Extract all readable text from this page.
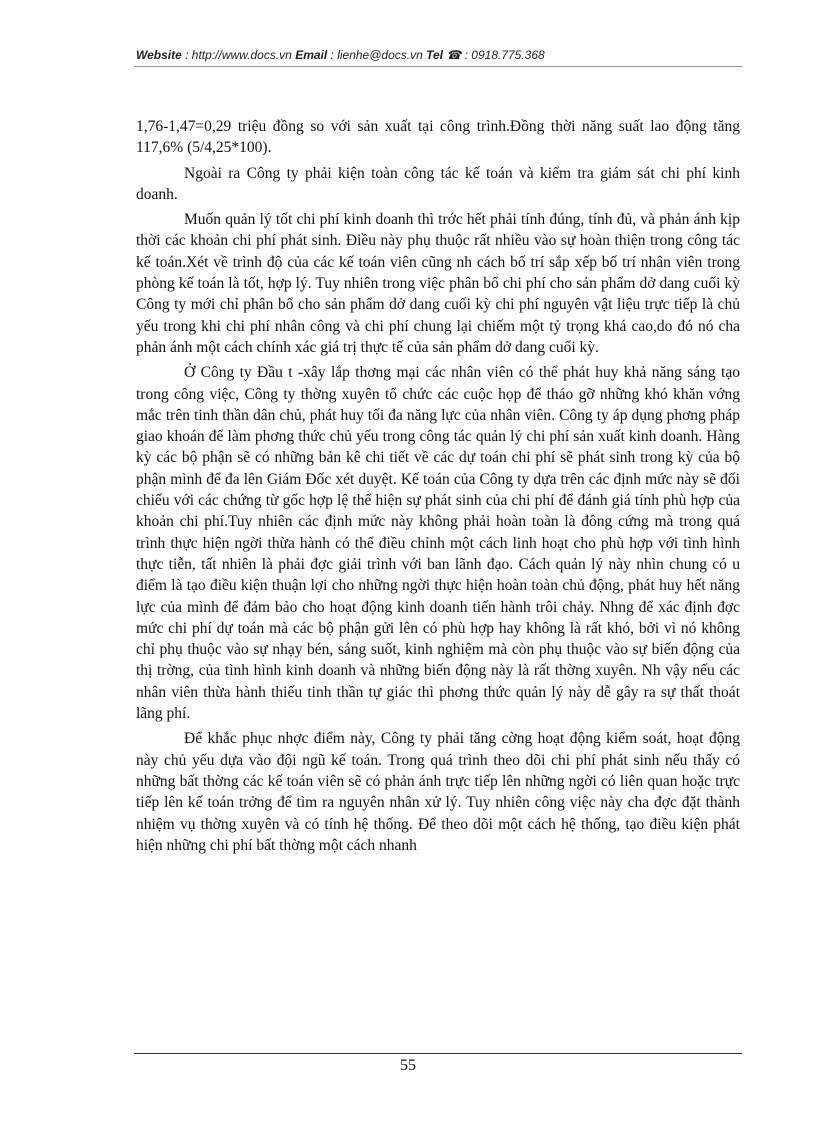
Website : http://www.docs.vn Email : lienhe@docs.vn Tel ☎ : 0918.775.368

1,76-1,47=0,29 triệu đồng so với sản xuất tại công trình.Đồng thời năng suất lao động tăng 117,6% (5/4,25*100).

Ngoài ra Công ty phải kiện toàn công tác kế toán và kiểm tra giám sát chi phí kinh doanh.

Muốn quản lý tốt chi phí kinh doanh thì trớc hết phải tính đúng, tính đủ, và phản ánh kịp thời các khoản chi phí phát sinh. Điều này phụ thuộc rất nhiều vào sự hoàn thiện trong công tác kế toán.Xét về trình độ của các kế toán viên cũng nh cách bố trí sắp xếp bố trí nhân viên trong phòng kế toán là tốt, hợp lý. Tuy nhiên trong việc phân bổ chi phí cho sản phẩm dở dang cuối kỳ Công ty mới chỉ phân bổ cho sản phẩm dở dang cuối kỳ chi phí nguyên vật liệu trực tiếp là chủ yếu trong khi chi phí nhân công và chi phí chung lại chiếm một tỷ trọng khá cao,do đó nó cha phản ánh một cách chính xác giá trị thực tế của sản phẩm dở dang cuối kỳ.

Ở Công ty Đầu t -xây lắp thơng mại các nhân viên có thể phát huy khả năng sáng tạo trong công việc, Công ty thờng xuyên tổ chức các cuộc họp để tháo gỡ những khó khăn vớng mắc trên tinh thần dân chủ, phát huy tối đa năng lực của nhân viên. Công ty áp dụng phơng pháp giao khoán để làm phơng thức chủ yếu trong công tác quản lý chi phí sản xuất kinh doanh. Hàng kỳ các bộ phận sẽ có những bản kê chi tiết về các dự toán chi phí sẽ phát sinh trong kỳ của bộ phận mình để đa lên Giám Đốc xét duyệt. Kế toán của Công ty dựa trên các định mức này sẽ đối chiếu với các chứng từ gốc hợp lệ thể hiện sự phát sinh của chi phí để đánh giá tính phù hợp của khoản chi phí.Tuy nhiên các định mức này không phải hoàn toàn là đông cứng mà trong quá trình thực hiện ngời thừa hành có thể điều chỉnh một cách linh hoạt cho phù hợp với tình hình thực tiễn, tất nhiên là phải đợc giải trình với ban lãnh đạo. Cách quản lý này nhìn chung có u điểm là tạo điều kiện thuận lợi cho những ngời thực hiện hoàn toàn chủ động, phát huy hết năng lực của mình để đảm bảo cho hoạt động kinh doanh tiến hành trôi chảy. Nhng để xác định đợc mức chi phí dự toán mà các bộ phận gửi lên có phù hợp hay không là rất khó, bởi vì nó không chỉ phụ thuộc vào sự nhạy bén, sáng suốt, kinh nghiệm mà còn phụ thuộc vào sự biến động của thị trờng, của tình hình kinh doanh và những biến động này là rất thờng xuyên. Nh vậy nếu các nhân viên thừa hành thiếu tinh thần tự giác thì phơng thức quản lý này dễ gây ra sự thất thoát lãng phí.

Để khắc phục nhợc điểm này, Công ty phải tăng cờng hoạt động kiểm soát, hoạt động này chủ yếu dựa vào đội ngũ kế toán. Trong quá trình theo dõi chi phí phát sinh nếu thấy có những bất thờng các kế toán viên sẽ có phản ánh trực tiếp lên những ngời có liên quan hoặc trực tiếp lên kế toán trởng để tìm ra nguyên nhân xử lý. Tuy nhiên công việc này cha đợc đặt thành nhiệm vụ thờng xuyên và có tính hệ thống. Để theo dõi một cách hệ thống, tạo điều kiện phát hiện những chi phí bất thờng một cách nhanh

55
